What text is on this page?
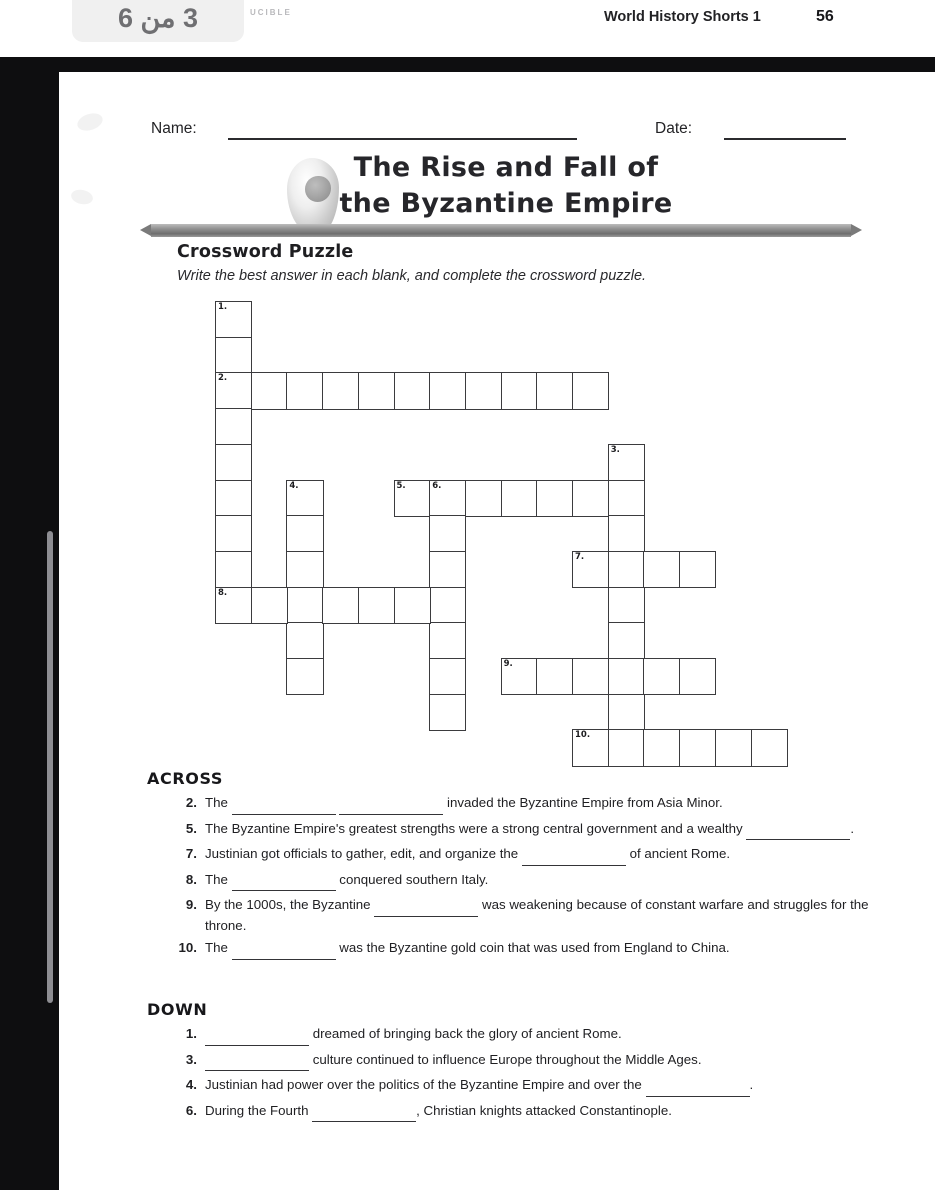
3 من 6	UCIBLE	World History Shorts 1	56
Name:	Date:
The Rise and Fall of
the Byzantine Empire
Crossword Puzzle
Write the best answer in each blank, and complete the crossword puzzle.
1.
2.
8.
3.
4.	5.	6.
7.
9.
10.
ACROSS
2. The	invaded the Byzantine Empire from Asia Minor.
5. The Byzantine Empire's greatest strengths were a strong central government and a wealthy	.
7. Justinian got officials to gather, edit, and organize the	of ancient Rome.
8. The	conquered southern Italy.
9. By the 1000s, the Byzantine	was weakening because of constant warfare and struggles for the throne.
10. The	was the Byzantine gold coin that was used from England to China.
DOWN
1.	dreamed of bringing back the glory of ancient Rome.
3.	culture continued to influence Europe throughout the Middle Ages.
4. Justinian had power over the politics of the Byzantine Empire and over the	.
6. During the Fourth	, Christian knights attacked Constantinople.
